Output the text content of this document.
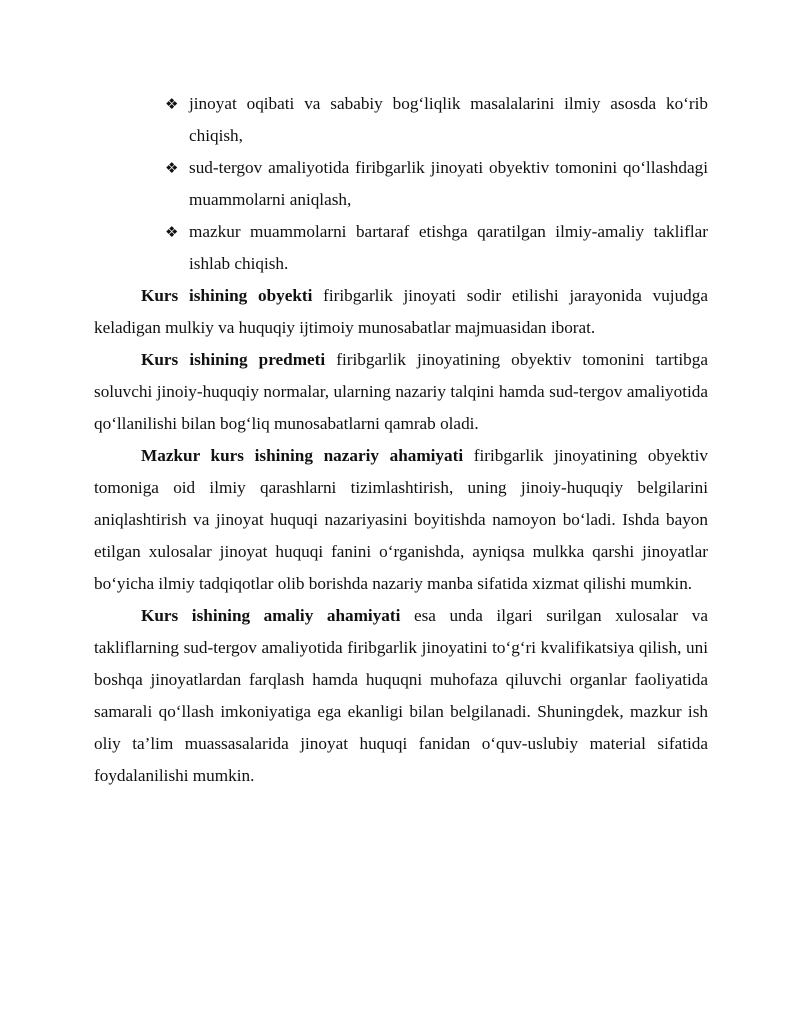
❖ jinoyat oqibati va sababiy bog‘liqlik masalalarini ilmiy asosda ko‘rib chiqish,
❖ sud-tergov amaliyotida firibgarlik jinoyati obyektiv tomonini qo‘llashdagi muammolarni aniqlash,
❖ mazkur muammolarni bartaraf etishga qaratilgan ilmiy-amaliy takliflar ishlab chiqish.

Kurs ishining obyekti firibgarlik jinoyati sodir etilishi jarayonida vujudga keladigan mulkiy va huquqiy ijtimoiy munosabatlar majmuasidan iborat.

Kurs ishining predmeti firibgarlik jinoyatining obyektiv tomonini tartibga soluvchi jinoiy-huquqiy normalar, ularning nazariy talqini hamda sud-tergov amaliyotida qo‘llanilishi bilan bog‘liq munosabatlarni qamrab oladi.

Mazkur kurs ishining nazariy ahamiyati firibgarlik jinoyatining obyektiv tomoniga oid ilmiy qarashlarni tizimlashtirish, uning jinoiy-huquqiy belgilarini aniqlashtirish va jinoyat huquqi nazariyasini boyitishda namoyon bo‘ladi. Ishda bayon etilgan xulosalar jinoyat huquqi fanini o‘rganishda, ayniqsa mulkka qarshi jinoyatlar bo‘yicha ilmiy tadqiqotlar olib borishda nazariy manba sifatida xizmat qilishi mumkin.

Kurs ishining amaliy ahamiyati esa unda ilgari surilgan xulosalar va takliflarning sud-tergov amaliyotida firibgarlik jinoyatini to‘g‘ri kvalifikatsiya qilish, uni boshqa jinoyatlardan farqlash hamda huquqni muhofaza qiluvchi organlar faoliyatida samarali qo‘llash imkoniyatiga ega ekanligi bilan belgilanadi. Shuningdek, mazkur ish oliy ta’lim muassasalarida jinoyat huquqi fanidan o‘quv-uslubiy material sifatida foydalanilishi mumkin.
